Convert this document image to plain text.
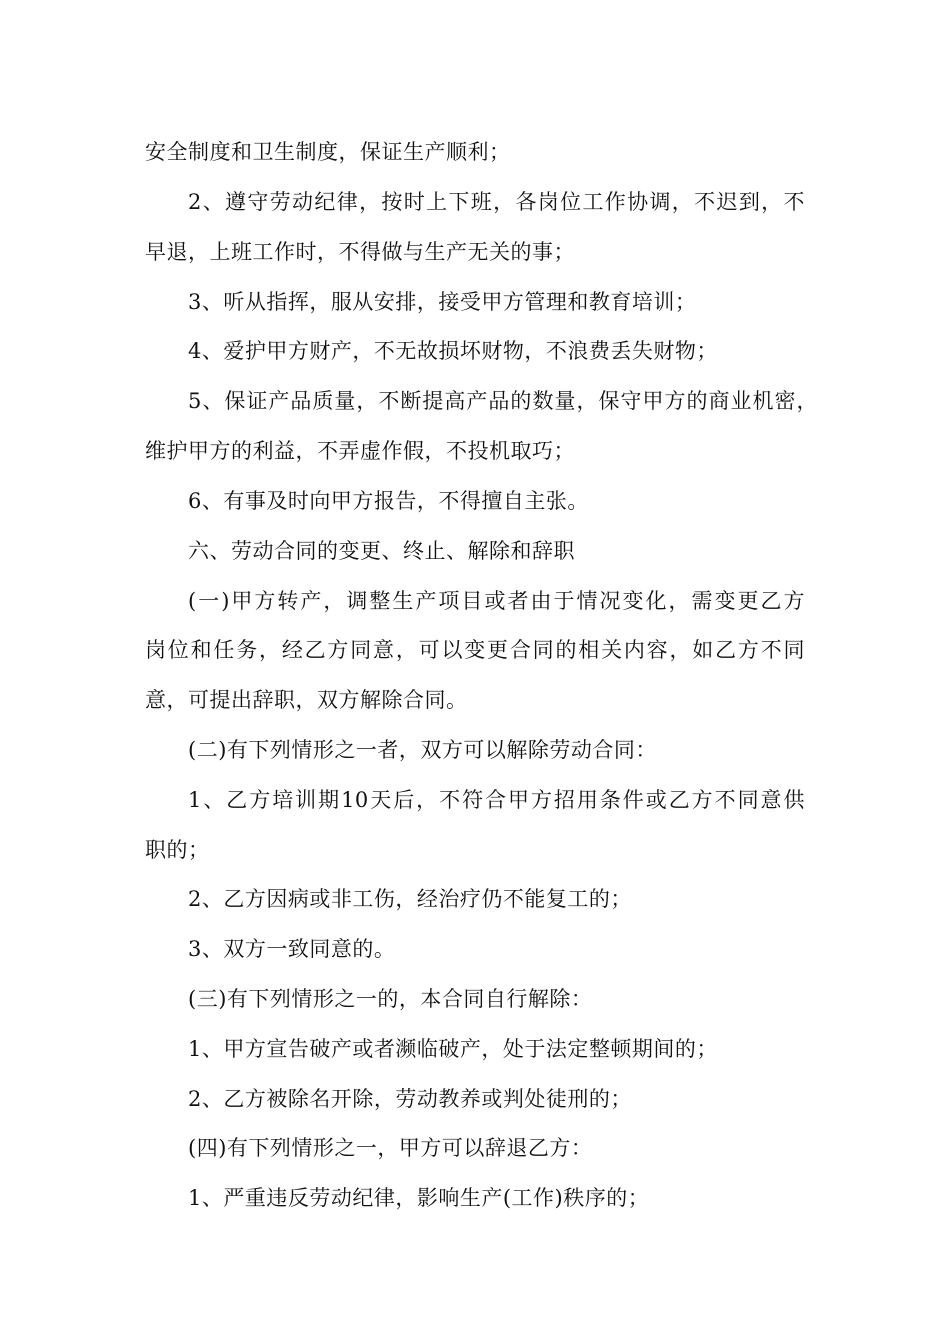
安全制度和卫生制度，保证生产顺利；
2、遵守劳动纪律，按时上下班，各岗位工作协调，不迟到，不
早退，上班工作时，不得做与生产无关的事；
3、听从指挥，服从安排，接受甲方管理和教育培训；
4、爱护甲方财产，不无故损坏财物，不浪费丢失财物；
5、保证产品质量，不断提高产品的数量，保守甲方的商业机密，
维护甲方的利益，不弄虚作假，不投机取巧；
6、有事及时向甲方报告，不得擅自主张。
六、劳动合同的变更、终止、解除和辞职
(一)甲方转产，调整生产项目或者由于情况变化，需变更乙方
岗位和任务，经乙方同意，可以变更合同的相关内容，如乙方不同
意，可提出辞职，双方解除合同。
(二)有下列情形之一者，双方可以解除劳动合同：
1、乙方培训期10天后，不符合甲方招用条件或乙方不同意供
职的；
2、乙方因病或非工伤，经治疗仍不能复工的；
3、双方一致同意的。
(三)有下列情形之一的，本合同自行解除：
1、甲方宣告破产或者濒临破产，处于法定整顿期间的；
2、乙方被除名开除，劳动教养或判处徒刑的；
(四)有下列情形之一，甲方可以辞退乙方：
1、严重违反劳动纪律，影响生产(工作)秩序的；
